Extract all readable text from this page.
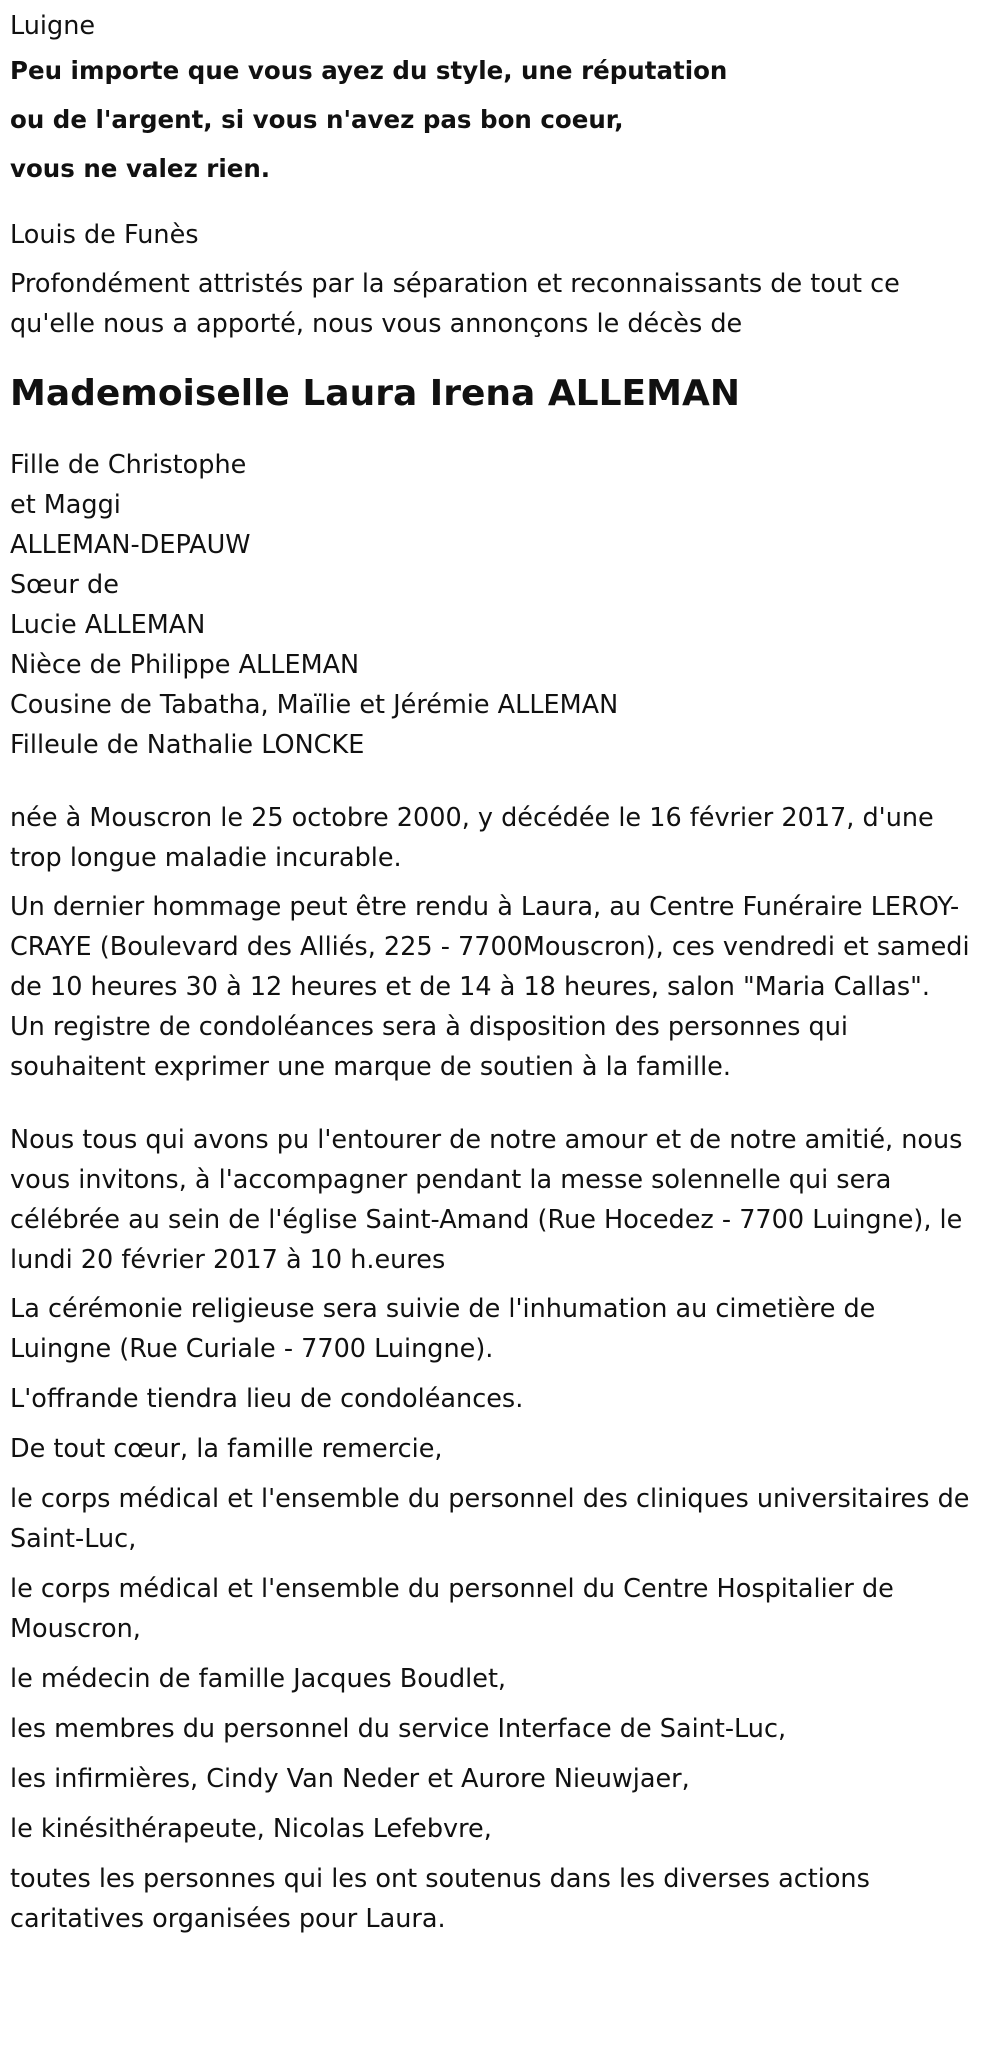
Luigne

Peu importe que vous ayez du style, une réputation

ou de l'argent, si vous n'avez pas bon coeur,

vous ne valez rien.

Louis de Funès

Profondément attristés par la séparation et reconnaissants de tout ce qu'elle nous a apporté, nous vous annonçons le décès de

Mademoiselle Laura Irena ALLEMAN

Fille de Christophe

et Maggi

ALLEMAN-DEPAUW

Sœur de

Lucie ALLEMAN

Nièce de Philippe ALLEMAN

Cousine de Tabatha, Maïlie et Jérémie ALLEMAN

Filleule de Nathalie LONCKE

née à Mouscron le 25 octobre 2000, y décédée le 16 février 2017, d'une trop longue maladie incurable.

Un dernier hommage peut être rendu à Laura, au Centre Funéraire LEROY-CRAYE (Boulevard des Alliés, 225 - 7700Mouscron), ces vendredi et samedi de 10 heures 30 à 12 heures et de 14 à 18 heures, salon "Maria Callas".

Un registre de condoléances sera à disposition des personnes qui souhaitent exprimer une marque de soutien à la famille.

Nous tous qui avons pu l'entourer de notre amour et de notre amitié, nous vous invitons, à l'accompagner pendant la messe solennelle qui sera célébrée au sein de l'église Saint-Amand (Rue Hocedez - 7700 Luingne), le lundi 20 février 2017 à 10 h.eures

La cérémonie religieuse sera suivie de l'inhumation au cimetière de Luingne (Rue Curiale - 7700 Luingne).

L'offrande tiendra lieu de condoléances.

De tout cœur, la famille remercie,

le corps médical et l'ensemble du personnel des cliniques universitaires de Saint-Luc,

le corps médical et l'ensemble du personnel du Centre Hospitalier de Mouscron,

le médecin de famille Jacques Boudlet,

les membres du personnel du service Interface de Saint-Luc,

les infirmières, Cindy Van Neder et Aurore Nieuwjaer,

le kinésithérapeute, Nicolas Lefebvre,

toutes les personnes qui les ont soutenus dans les diverses actions caritatives organisées pour Laura.
